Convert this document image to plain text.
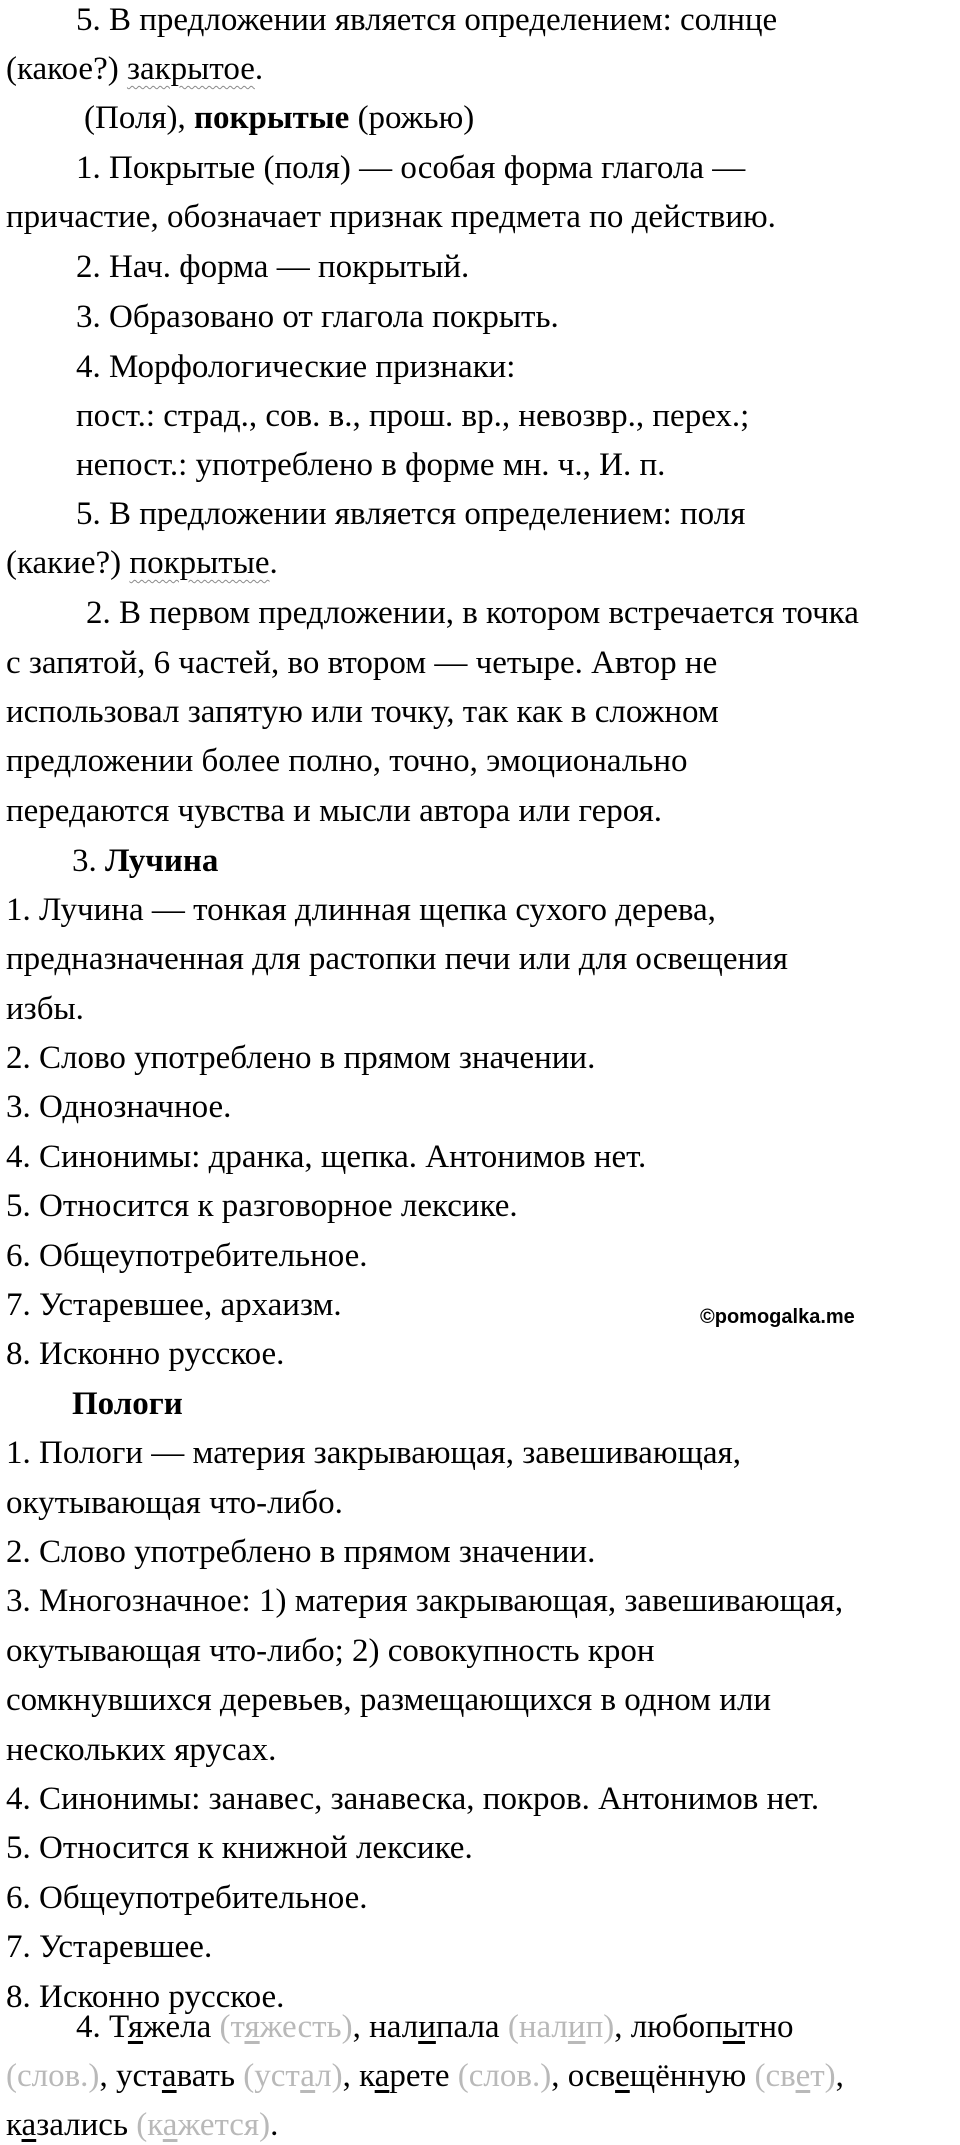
5. В предложении является определением: солнце
(какое?) закрытое.
(Поля), покрытые (рожью)
1. Покрытые (поля) — особая форма глагола —
причастие, обозначает признак предмета по действию.
2. Нач. форма — покрытый.
3. Образовано от глагола покрыть.
4. Морфологические признаки:
пост.: страд., сов. в., прош. вр., невозвр., перех.;
непост.: употреблено в форме мн. ч., И. п.
5. В предложении является определением: поля
(какие?) покрытые.
2. В первом предложении, в котором встречается точка
с запятой, 6 частей, во втором — четыре. Автор не
использовал запятую или точку, так как в сложном
предложении более полно, точно, эмоционально
передаются чувства и мысли автора или героя.
3. Лучина
1. Лучина — тонкая длинная щепка сухого дерева,
предназначенная для растопки печи или для освещения
избы.
2. Слово употреблено в прямом значении.
3. Однозначное.
4. Синонимы: дранка, щепка. Антонимов нет.
5. Относится к разговорное лексике.
6. Общеупотребительное.
7. Устаревшее, архаизм.
8. Исконно русское.
Пологи
1. Пологи — материя закрывающая, завешивающая,
окутывающая что-либо.
2. Слово употреблено в прямом значении.
3. Многозначное: 1) материя закрывающая, завешивающая,
окутывающая что-либо; 2) совокупность крон
сомкнувшихся деревьев, размещающихся в одном или
нескольких ярусах.
4. Синонимы: занавес, занавеска, покров. Антонимов нет.
5. Относится к книжной лексике.
6. Общеупотребительное.
7. Устаревшее.
8. Исконно русское.
4. Тяжела (тяжесть), налипала (налип), любопытно
(слов.), уставать (устал), карете (слов.), освещённую (свет),
казались (кажется).
©pomogalka.me
